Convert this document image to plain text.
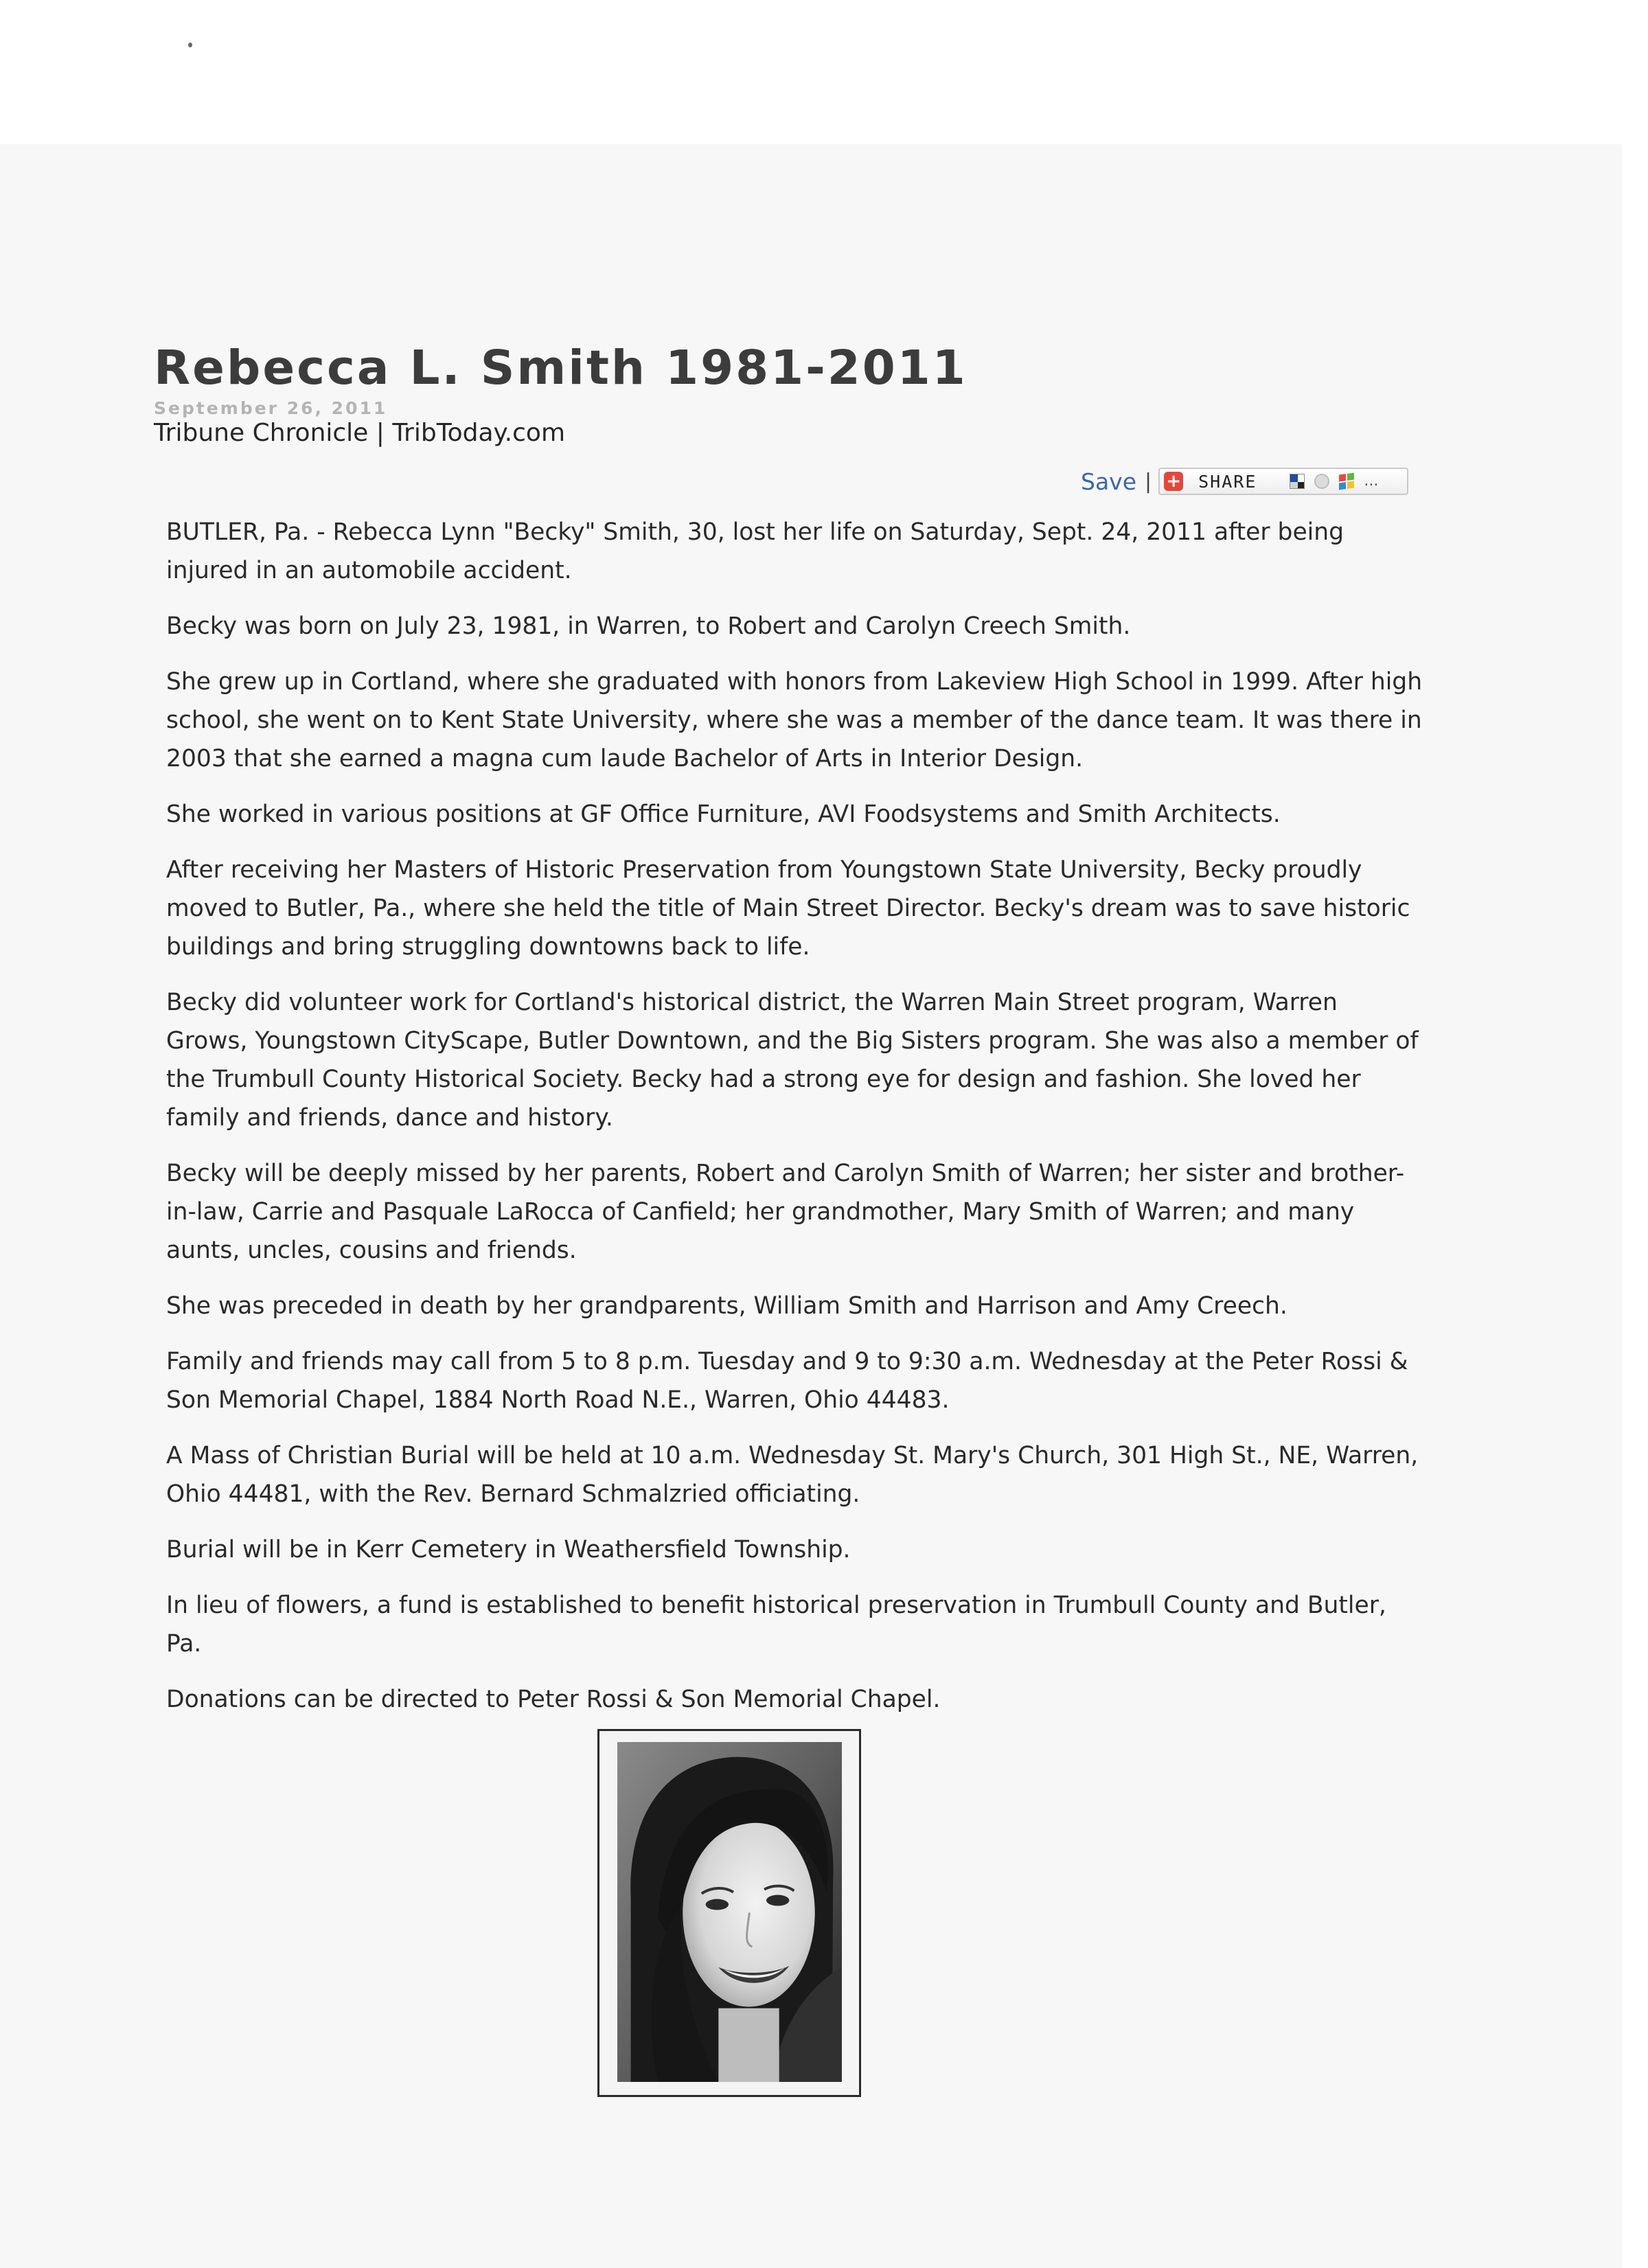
Rebecca L. Smith 1981-2011
September 26, 2011
Tribune Chronicle | TribToday.com
Save | + SHARE	...

BUTLER, Pa. - Rebecca Lynn "Becky" Smith, 30, lost her life on Saturday, Sept. 24, 2011 after being injured in an automobile accident.

Becky was born on July 23, 1981, in Warren, to Robert and Carolyn Creech Smith.

She grew up in Cortland, where she graduated with honors from Lakeview High School in 1999. After high school, she went on to Kent State University, where she was a member of the dance team. It was there in 2003 that she earned a magna cum laude Bachelor of Arts in Interior Design.

She worked in various positions at GF Office Furniture, AVI Foodsystems and Smith Architects.

After receiving her Masters of Historic Preservation from Youngstown State University, Becky proudly moved to Butler, Pa., where she held the title of Main Street Director. Becky's dream was to save historic buildings and bring struggling downtowns back to life.

Becky did volunteer work for Cortland's historical district, the Warren Main Street program, Warren Grows, Youngstown CityScape, Butler Downtown, and the Big Sisters program. She was also a member of the Trumbull County Historical Society. Becky had a strong eye for design and fashion. She loved her family and friends, dance and history.

Becky will be deeply missed by her parents, Robert and Carolyn Smith of Warren; her sister and brother-in-law, Carrie and Pasquale LaRocca of Canfield; her grandmother, Mary Smith of Warren; and many aunts, uncles, cousins and friends.

She was preceded in death by her grandparents, William Smith and Harrison and Amy Creech.

Family and friends may call from 5 to 8 p.m. Tuesday and 9 to 9:30 a.m. Wednesday at the Peter Rossi & Son Memorial Chapel, 1884 North Road N.E., Warren, Ohio 44483.

A Mass of Christian Burial will be held at 10 a.m. Wednesday St. Mary's Church, 301 High St., NE, Warren, Ohio 44481, with the Rev. Bernard Schmalzried officiating.

Burial will be in Kerr Cemetery in Weathersfield Township.

In lieu of flowers, a fund is established to benefit historical preservation in Trumbull County and Butler, Pa.

Donations can be directed to Peter Rossi & Son Memorial Chapel.
